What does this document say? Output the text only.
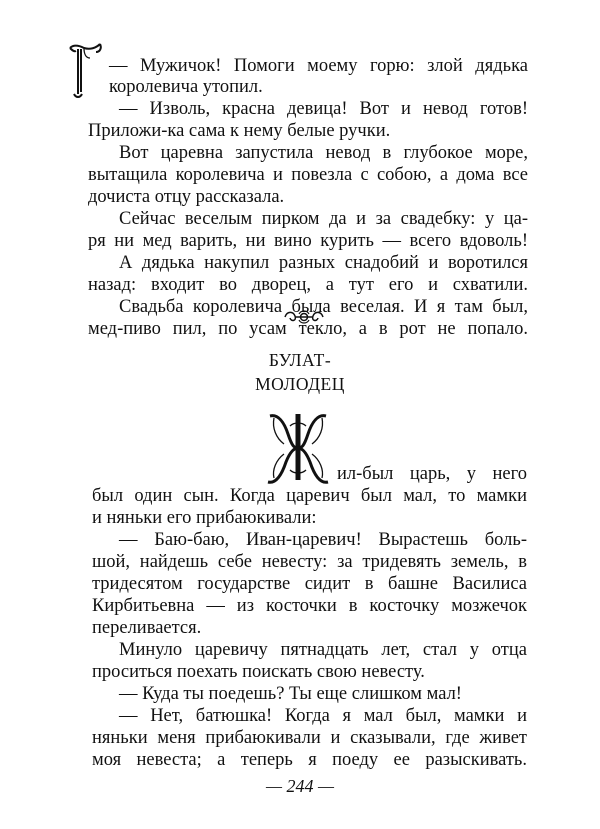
— Мужичок! Помоги моему горю: злой дядька
королевича утопил.
— Изволь, красна девица! Вот и невод готов!
Приложи-ка сама к нему белые ручки.
Вот царевна запустила невод в глубокое море,
вытащила королевича и повезла с собою, а дома все
дочиста отцу рассказала.
Сейчас веселым пирком да и за свадебку: у ца-
ря ни мед варить, ни вино курить — всего вдоволь!
А дядька накупил разных снадобий и воротился
назад: входит во дворец, а тут его и схватили.
Свадьба королевича была веселая. И я там был,
мед-пиво пил, по усам текло, а в рот не попало.
БУЛАТ-
МОЛОДЕЦ
ил-был царь, у него
был один сын. Когда царевич был мал, то мамки
и няньки его прибаюкивали:
— Баю-баю, Иван-царевич! Вырастешь боль-
шой, найдешь себе невесту: за тридевять земель, в
тридесятом государстве сидит в башне Василиса
Кирбитьевна — из косточки в косточку мозжечок
переливается.
Минуло царевичу пятнадцать лет, стал у отца
проситься поехать поискать свою невесту.
— Куда ты поедешь? Ты еще слишком мал!
— Нет, батюшка! Когда я мал был, мамки и
няньки меня прибаюкивали и сказывали, где живет
моя невеста; а теперь я поеду ее разыскивать.
— 244 —
